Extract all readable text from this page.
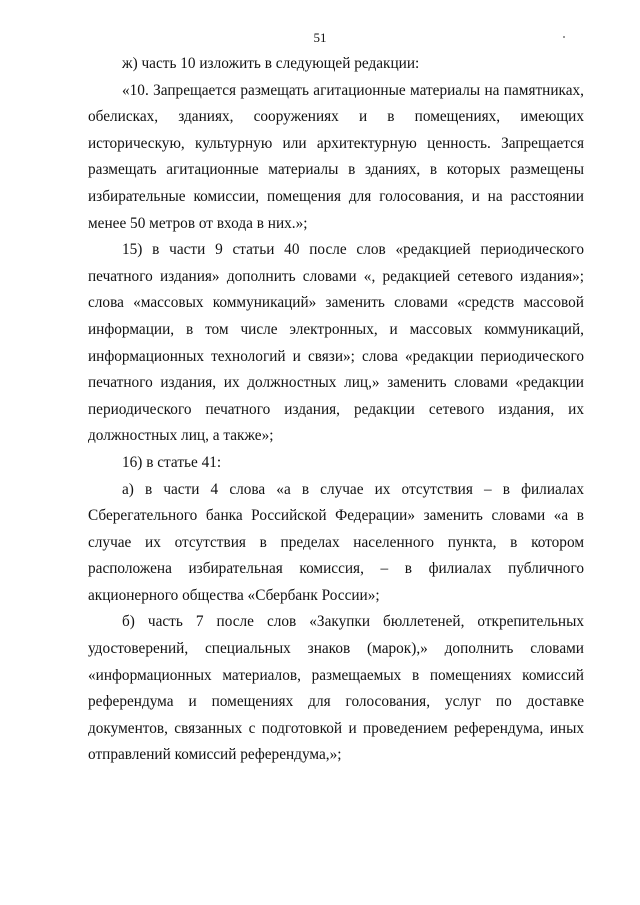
51

ж) часть 10 изложить в следующей редакции:

«10. Запрещается размещать агитационные материалы на памятниках, обелисках, зданиях, сооружениях и в помещениях, имеющих историческую, культурную или архитектурную ценность. Запрещается размещать агитационные материалы в зданиях, в которых размещены избирательные комиссии, помещения для голосования, и на расстоянии менее 50 метров от входа в них.»;

15) в части 9 статьи 40 после слов «редакцией периодического печатного издания» дополнить словами «, редакцией сетевого издания»; слова «массовых коммуникаций» заменить словами «средств массовой информации, в том числе электронных, и массовых коммуникаций, информационных технологий и связи»; слова «редакции периодического печатного издания, их должностных лиц,» заменить словами «редакции периодического печатного издания, редакции сетевого издания, их должностных лиц, а также»;

16) в статье 41:

а) в части 4 слова «а в случае их отсутствия – в филиалах Сберегательного банка Российской Федерации» заменить словами «а в случае их отсутствия в пределах населенного пункта, в котором расположена избирательная комиссия, – в филиалах публичного акционерного общества «Сбербанк России»;

б) часть 7 после слов «Закупки бюллетеней, открепительных удостоверений, специальных знаков (марок),» дополнить словами «информационных материалов, размещаемых в помещениях комиссий референдума и помещениях для голосования, услуг по доставке документов, связанных с подготовкой и проведением референдума, иных отправлений комиссий референдума,»;
